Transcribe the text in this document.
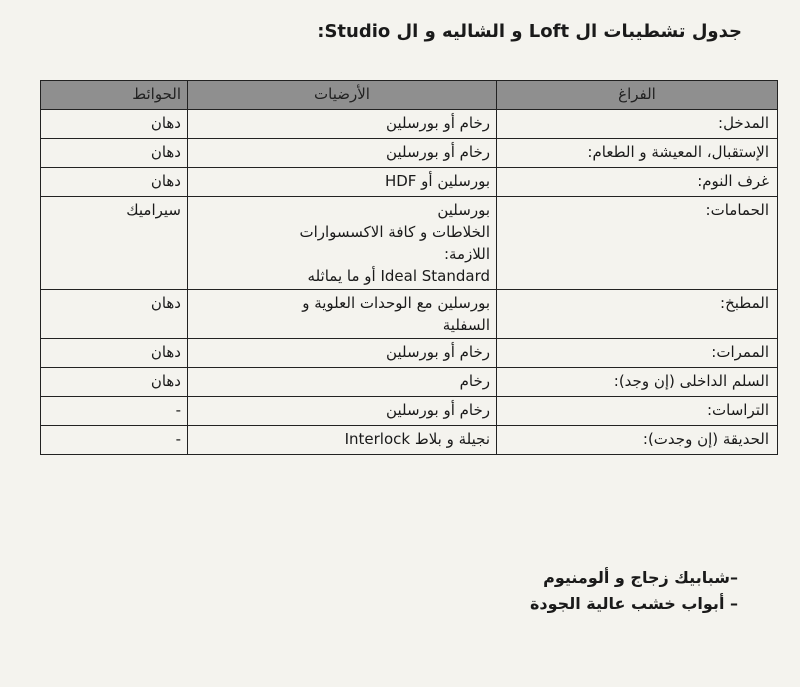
جدول تشطيبات ال Loft و الشاليه و ال Studio:
الفراغ	الأرضيات	الحوائط
المدخل:	رخام أو بورسلين	دهان
الإستقبال، المعيشة و الطعام:	رخام أو بورسلين	دهان
غرف النوم:	بورسلين أو HDF	دهان
الحمامات:	بورسلين
الخلاطات و كافة الاكسسوارات
اللازمة:
Ideal Standard أو ما يماثله	سيراميك
المطبخ:	بورسلين مع الوحدات العلوية و
السفلية	دهان
الممرات:	رخام أو بورسلين	دهان
السلم الداخلى (إن وجد):	رخام	دهان
التراسات:	رخام أو بورسلين	-
الحديقة (إن وجدت):	نجيلة و بلاط Interlock	-
–شبابيك زجاج و ألومنيوم
– أبواب خشب عالية الجودة
